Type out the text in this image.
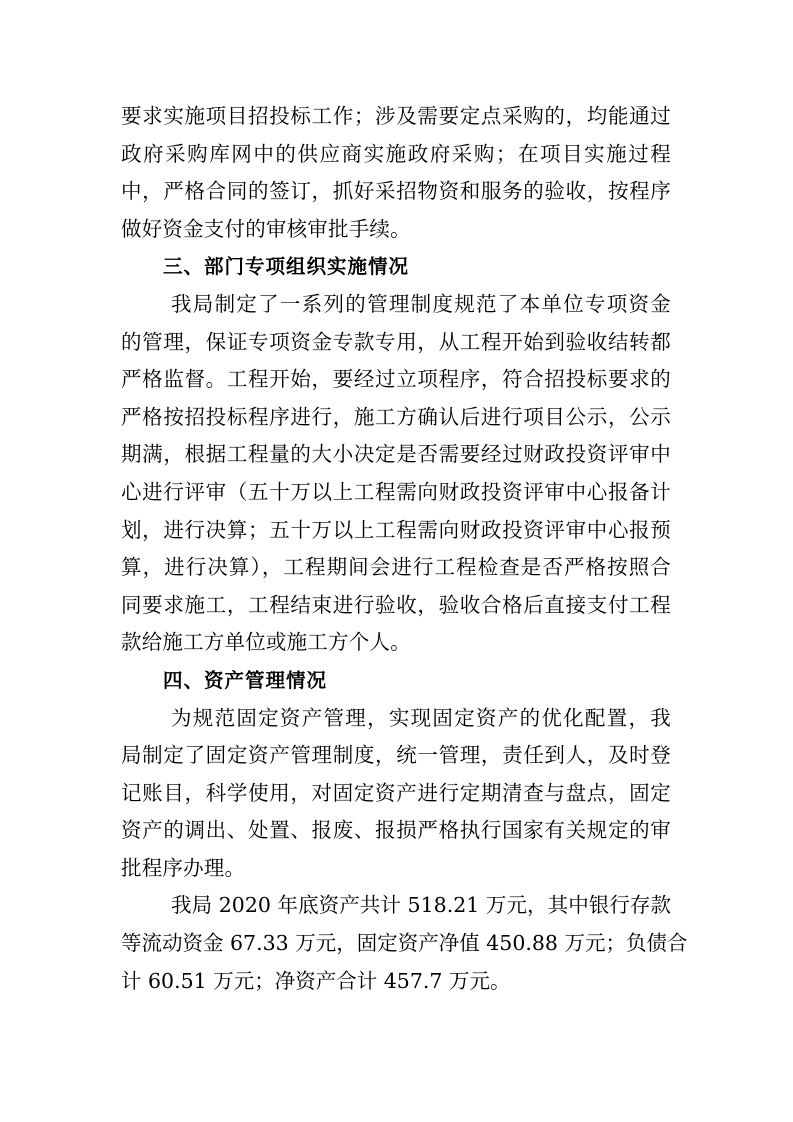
要求实施项目招投标工作；涉及需要定点采购的，均能通过
政府采购库网中的供应商实施政府采购；在项目实施过程
中，严格合同的签订，抓好采招物资和服务的验收，按程序
做好资金支付的审核审批手续。
三、部门专项组织实施情况
我局制定了一系列的管理制度规范了本单位专项资金
的管理，保证专项资金专款专用，从工程开始到验收结转都
严格监督。工程开始，要经过立项程序，符合招投标要求的
严格按招投标程序进行，施工方确认后进行项目公示，公示
期满，根据工程量的大小决定是否需要经过财政投资评审中
心进行评审（五十万以上工程需向财政投资评审中心报备计
划，进行决算；五十万以上工程需向财政投资评审中心报预
算，进行决算），工程期间会进行工程检查是否严格按照合
同要求施工，工程结束进行验收，验收合格后直接支付工程
款给施工方单位或施工方个人。
四、资产管理情况
为规范固定资产管理，实现固定资产的优化配置，我
局制定了固定资产管理制度，统一管理，责任到人，及时登
记账目，科学使用，对固定资产进行定期清查与盘点，固定
资产的调出、处置、报废、报损严格执行国家有关规定的审
批程序办理。
我局 2020 年底资产共计 518.21 万元，其中银行存款
等流动资金 67.33 万元，固定资产净值 450.88 万元；负债合
计 60.51 万元；净资产合计 457.7 万元。
